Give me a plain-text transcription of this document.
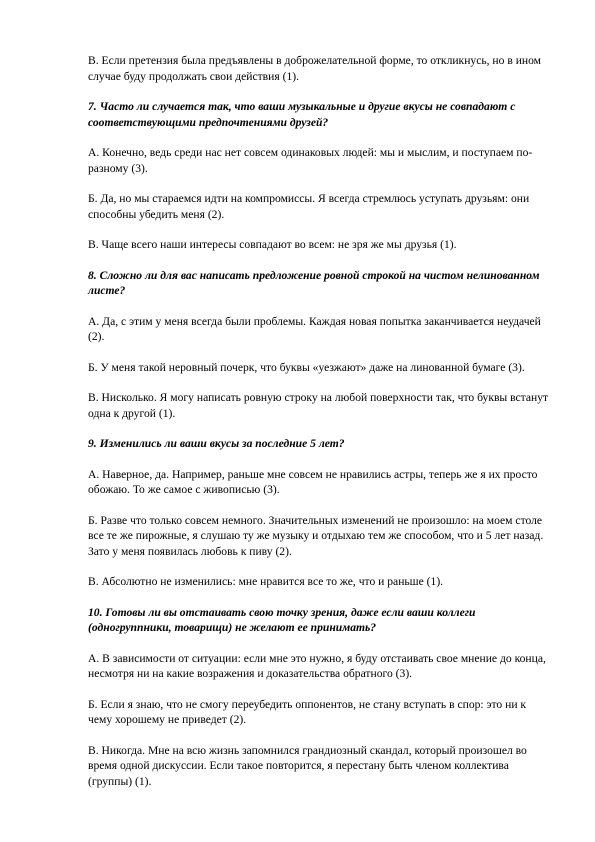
В. Если претензия была предъявлены в доброжелательной форме, то откликнусь, но в ином случае буду продолжать свои действия (1).

7. Часто ли случается так, что ваши музыкальные и другие вкусы не совпадают с соответствующими предпочтениями друзей?

А. Конечно, ведь среди нас нет совсем одинаковых людей: мы и мыслим, и поступаем по-разному (3).

Б. Да, но мы стараемся идти на компромиссы. Я всегда стремлюсь уступать друзьям: они способны убедить меня (2).

В. Чаще всего наши интересы совпадают во всем: не зря же мы друзья (1).

8. Сложно ли для вас написать предложение ровной строкой на чистом нелинованном листе?

А. Да, с этим у меня всегда были проблемы. Каждая новая попытка заканчивается неудачей (2).

Б. У меня такой неровный почерк, что буквы «уезжают» даже на линованной бумаге (3).

В. Нисколько. Я могу написать ровную строку на любой поверхности так, что буквы встанут одна к другой (1).

9. Изменились ли ваши вкусы за последние 5 лет?

А. Наверное, да. Например, раньше мне совсем не нравились астры, теперь же я их просто обожаю. То же самое с живописью (3).

Б. Разве что только совсем немного. Значительных изменений не произошло: на моем столе все те же пирожные, я слушаю ту же музыку и отдыхаю тем же способом, что и 5 лет назад. Зато у меня появилась любовь к пиву (2).

В. Абсолютно не изменились: мне нравится все то же, что и раньше (1).

10. Готовы ли вы отстаивать свою точку зрения, даже если ваши коллеги (одногруппники, товарищи) не желают ее принимать?

А. В зависимости от ситуации: если мне это нужно, я буду отстаивать свое мнение до конца, несмотря ни на какие возражения и доказательства обратного (3).

Б. Если я знаю, что не смогу переубедить оппонентов, не стану вступать в спор: это ни к чему хорошему не приведет (2).

В. Никогда. Мне на всю жизнь запомнился грандиозный скандал, который произошел во время одной дискуссии. Если такое повторится, я перестану быть членом коллектива (группы) (1).
